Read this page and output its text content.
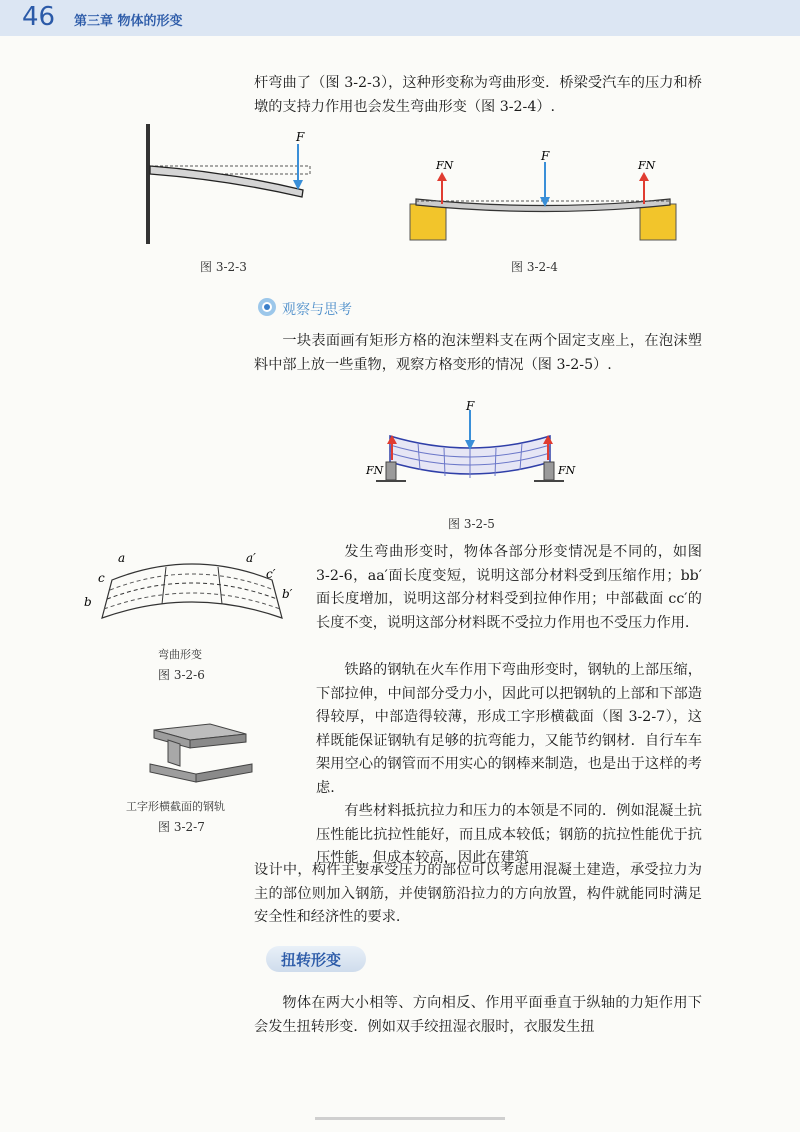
46 第三章 物体的形变

杆弯曲了（图 3-2-3），这种形变称为弯曲形变．桥梁受汽车的压力和桥墩的支持力作用也会发生弯曲形变（图 3-2-4）.

F
图 3-2-3
F
FN	FN
图 3-2-4
观察与思考

一块表面画有矩形方格的泡沫塑料支在两个固定支座上，在泡沫塑料中部上放一些重物，观察方格变形的情况（图 3-2-5）.

F
FN	FN
图 3-2-5
a	a′
c	c′
b
b′
弯曲形变
图 3-2-6
工字形横截面的钢轨
图 3-2-7

发生弯曲形变时，物体各部分形变情况是不同的，如图 3-2-6，aa′面长度变短，说明这部分材料受到压缩作用；bb′面长度增加，说明这部分材料受到拉伸作用；中部截面 cc′的长度不变，说明这部分材料既不受拉力作用也不受压力作用.

铁路的钢轨在火车作用下弯曲形变时，钢轨的上部压缩，下部拉伸，中间部分受力小，因此可以把钢轨的上部和下部造得较厚，中部造得较薄，形成工字形横截面（图 3-2-7），这样既能保证钢轨有足够的抗弯能力，又能节约钢材．自行车车架用空心的钢管而不用实心的钢棒来制造，也是出于这样的考虑.

有些材料抵抗拉力和压力的本领是不同的．例如混凝土抗压性能比抗拉性能好，而且成本较低；钢筋的抗拉性能优于抗压性能，但成本较高，因此在建筑

设计中，构件主要承受压力的部位可以考虑用混凝土建造，承受拉力为主的部位则加入钢筋，并使钢筋沿拉力的方向放置，构件就能同时满足安全性和经济性的要求.

扭转形变

物体在两大小相等、方向相反、作用平面垂直于纵轴的力矩作用下会发生扭转形变．例如双手绞扭湿衣服时，衣服发生扭
